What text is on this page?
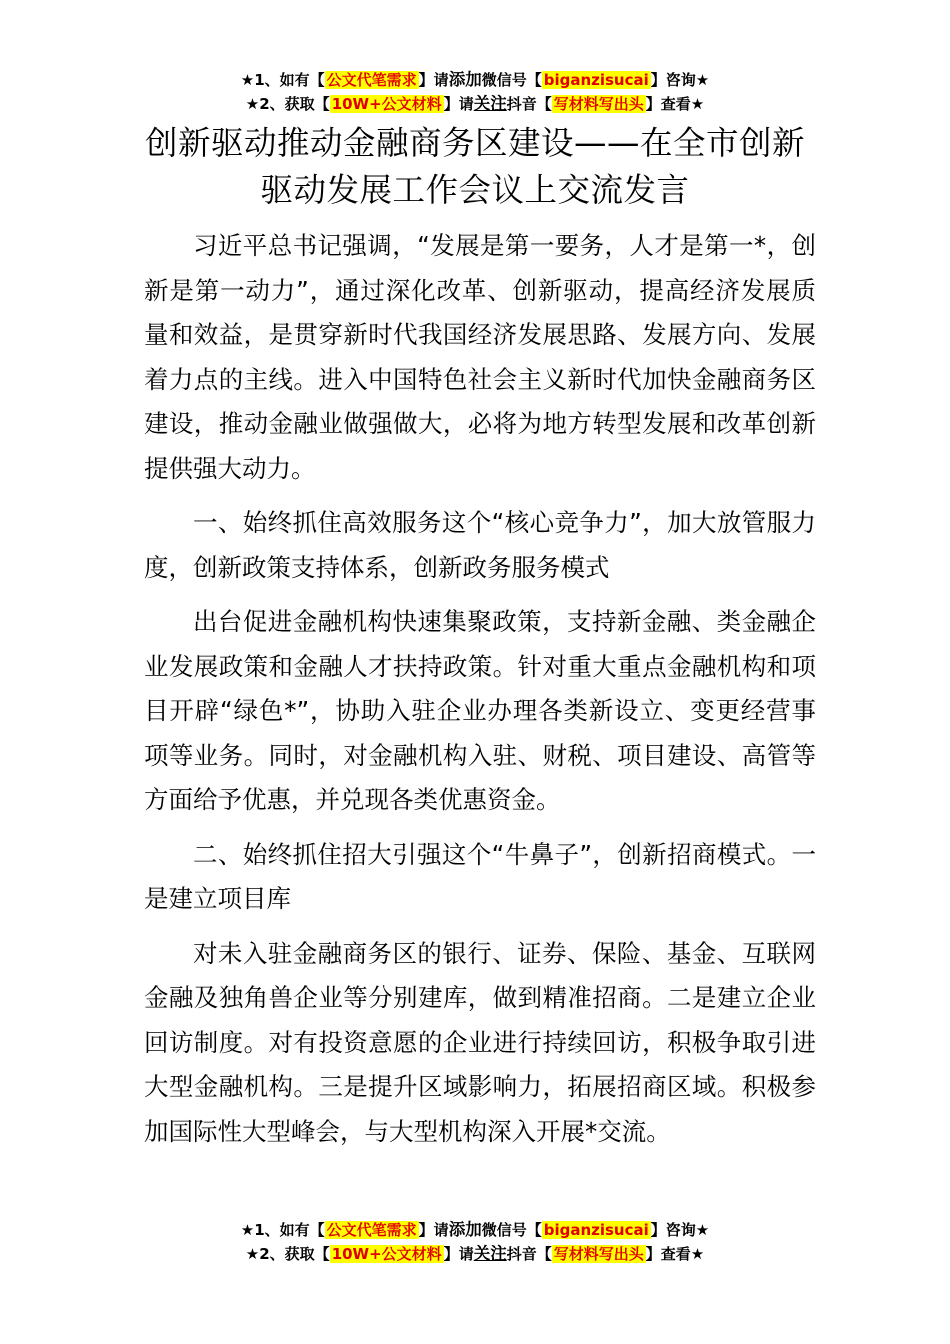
★1、如有【 公文代笔需求 】请添加微信号【 biganzisucai 】咨询★
★2、获取【 10W+公文材料 】请关注抖音【 写材料写出头 】查看★
创新驱动推动金融商务区建设——在全市创新驱动发展工作会议上交流发言

习近平总书记强调，“发展是第一要务，人才是第一*，创新是第一动力”，通过深化改革、创新驱动，提高经济发展质量和效益，是贯穿新时代我国经济发展思路、发展方向、发展着力点的主线。进入中国特色社会主义新时代加快金融商务区建设，推动金融业做强做大，必将为地方转型发展和改革创新提供强大动力。

一、始终抓住高效服务这个“核心竞争力”，加大放管服力度，创新政策支持体系，创新政务服务模式

出台促进金融机构快速集聚政策，支持新金融、类金融企业发展政策和金融人才扶持政策。针对重大重点金融机构和项目开辟“绿色*”，协助入驻企业办理各类新设立、变更经营事项等业务。同时，对金融机构入驻、财税、项目建设、高管等方面给予优惠，并兑现各类优惠资金。

二、始终抓住招大引强这个“牛鼻子”，创新招商模式。一是建立项目库

对未入驻金融商务区的银行、证券、保险、基金、互联网金融及独角兽企业等分别建库，做到精准招商。二是建立企业回访制度。对有投资意愿的企业进行持续回访，积极争取引进大型金融机构。三是提升区域影响力，拓展招商区域。积极参加国际性大型峰会，与大型机构深入开展*交流。

★1、如有【 公文代笔需求 】请添加微信号【 biganzisucai 】咨询★
★2、获取【 10W+公文材料 】请关注抖音【 写材料写出头 】查看★
